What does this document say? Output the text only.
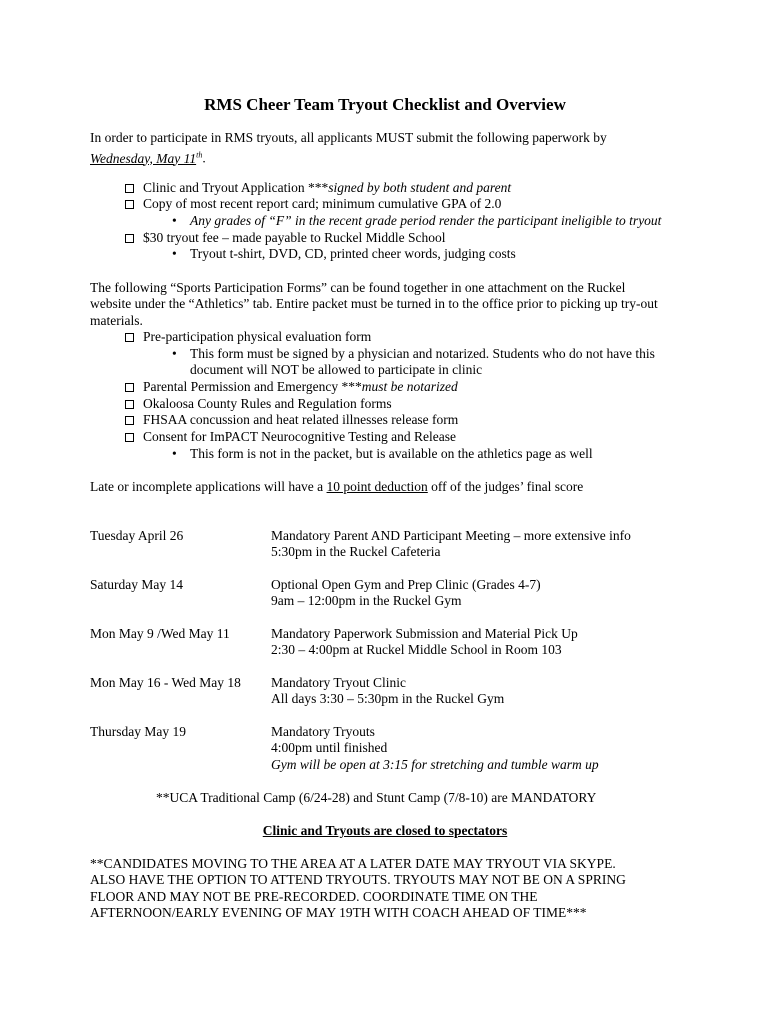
RMS Cheer Team Tryout Checklist and Overview
In order to participate in RMS tryouts, all applicants MUST submit the following paperwork by
Wednesday, May 11th.
Clinic and Tryout Application ***signed by both student and parent
Copy of most recent report card; minimum cumulative GPA of 2.0
• Any grades of “F” in the recent grade period render the participant ineligible to tryout
$30 tryout fee – made payable to Ruckel Middle School
• Tryout t-shirt, DVD, CD, printed cheer words, judging costs
The following “Sports Participation Forms” can be found together in one attachment on the Ruckel
website under the “Athletics” tab. Entire packet must be turned in to the office prior to picking up try-out
materials.
Pre-participation physical evaluation form
• This form must be signed by a physician and notarized. Students who do not have this
document will NOT be allowed to participate in clinic
Parental Permission and Emergency ***must be notarized
Okaloosa County Rules and Regulation forms
FHSAA concussion and heat related illnesses release form
Consent for ImPACT Neurocognitive Testing and Release
• This form is not in the packet, but is available on the athletics page as well
Late or incomplete applications will have a 10 point deduction off of the judges’ final score
Tuesday April 26	Mandatory Parent AND Participant Meeting – more extensive info
5:30pm in the Ruckel Cafeteria
Saturday May 14	Optional Open Gym and Prep Clinic (Grades 4-7)
9am – 12:00pm in the Ruckel Gym
Mon May 9 /Wed May 11	Mandatory Paperwork Submission and Material Pick Up
2:30 – 4:00pm at Ruckel Middle School in Room 103
Mon May 16 - Wed May 18 Mandatory Tryout Clinic
All days 3:30 – 5:30pm in the Ruckel Gym
Thursday May 19	Mandatory Tryouts
4:00pm until finished
Gym will be open at 3:15 for stretching and tumble warm up
**UCA Traditional Camp (6/24-28) and Stunt Camp (7/8-10) are MANDATORY
Clinic and Tryouts are closed to spectators
**CANDIDATES MOVING TO THE AREA AT A LATER DATE MAY TRYOUT VIA SKYPE.
ALSO HAVE THE OPTION TO ATTEND TRYOUTS. TRYOUTS MAY NOT BE ON A SPRING
FLOOR AND MAY NOT BE PRE-RECORDED. COORDINATE TIME ON THE
AFTERNOON/EARLY EVENING OF MAY 19TH WITH COACH AHEAD OF TIME***
